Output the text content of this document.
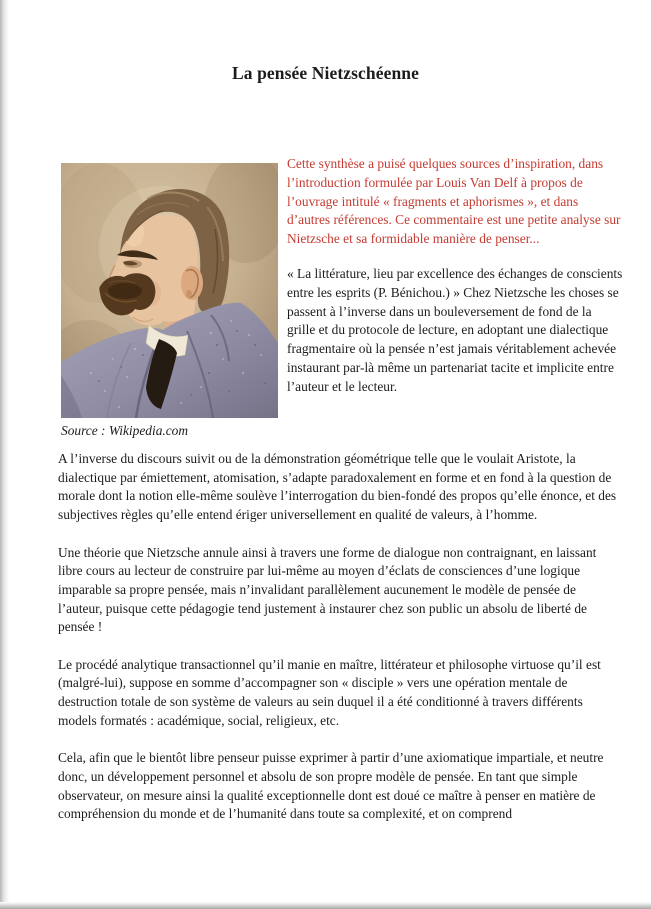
La pensée Nietzschéenne
Source : Wikipedia.com

Cette synthèse a puisé quelques sources d’inspiration, dans l’introduction formulée par Louis Van Delf à propos de l’ouvrage intitulé « fragments et aphorismes », et dans d’autres références. Ce commentaire est une petite analyse sur Nietzsche et sa formidable manière de penser...

« La littérature, lieu par excellence des échanges de conscients entre les esprits (P. Bénichou.) » Chez Nietzsche les choses se passent à l’inverse dans un bouleversement de fond de la grille et du protocole de lecture, en adoptant une dialectique fragmentaire où la pensée n’est jamais véritablement achevée instaurant par-là même un partenariat tacite et implicite entre l’auteur et le lecteur.

A l’inverse du discours suivit ou de la démonstration géométrique telle que le voulait Aristote, la dialectique par émiettement, atomisation, s’adapte paradoxalement en forme et en fond à la question de morale dont la notion elle-même soulève l’interrogation du bien-fondé des propos qu’elle énonce, et des subjectives règles qu’elle entend ériger universellement en qualité de valeurs, à l’homme.

Une théorie que Nietzsche annule ainsi à travers une forme de dialogue non contraignant, en laissant libre cours au lecteur de construire par lui-même au moyen d’éclats de consciences d’une logique imparable sa propre pensée, mais n’invalidant parallèlement aucunement le modèle de pensée de l’auteur, puisque cette pédagogie tend justement à instaurer chez son public un absolu de liberté de pensée !

Le procédé analytique transactionnel qu’il manie en maître, littérateur et philosophe virtuose qu’il est (malgré-lui), suppose en somme d’accompagner son « disciple » vers une opération mentale de destruction totale de son système de valeurs au sein duquel il a été conditionné à travers différents models formatés : académique, social, religieux, etc.

Cela, afin que le bientôt libre penseur puisse exprimer à partir d’une axiomatique impartiale, et neutre donc, un développement personnel et absolu de son propre modèle de pensée. En tant que simple observateur, on mesure ainsi la qualité exceptionnelle dont est doué ce maître à penser en matière de compréhension du monde et de l’humanité dans toute sa complexité, et on comprend
